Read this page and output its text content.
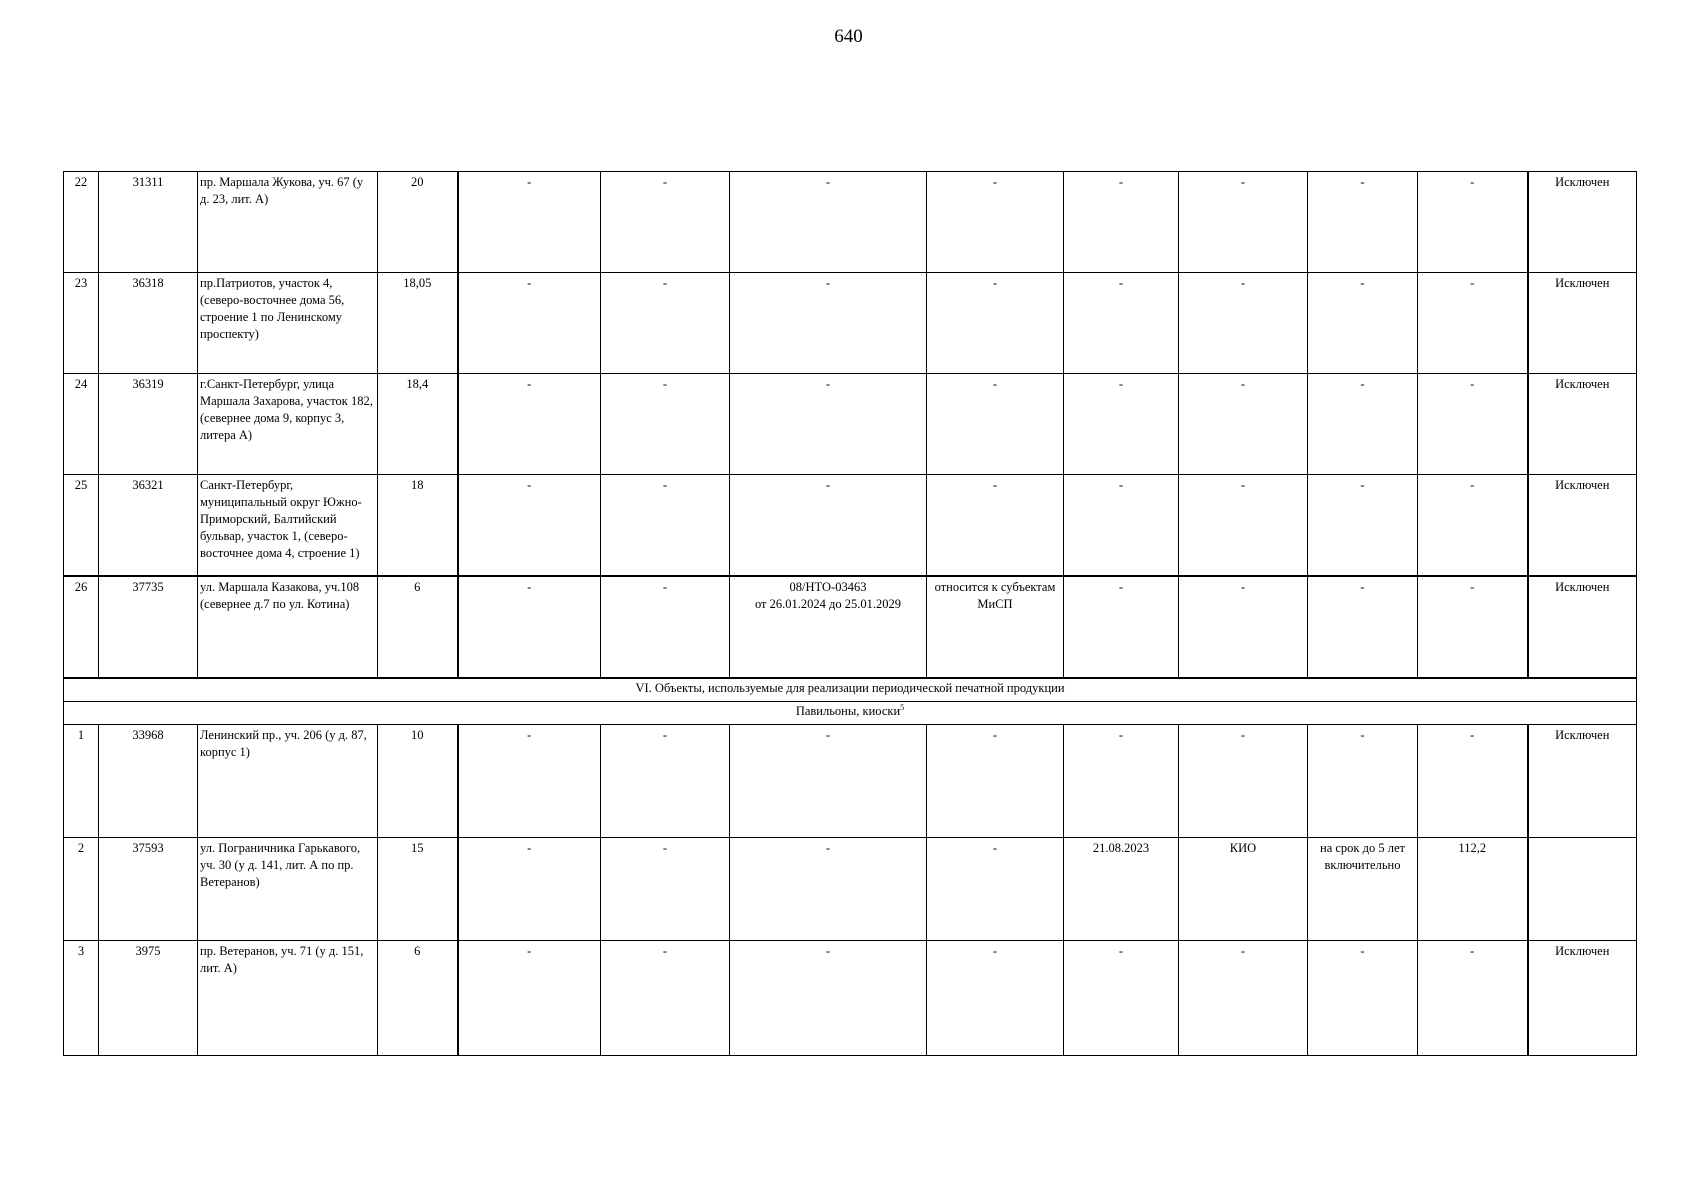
640
22	31311	пр. Маршала Жукова, уч. 67 (у д. 23, лит. А)	20	-	-	-	-	-	-	-	-	Исключен
23	36318	пр.Патриотов, участок 4, (северо-восточнее дома 56, строение 1 по Ленинскому проспекту)	18,05	-	-	-	-	-	-	-	-	Исключен
24	36319	г.Санкт-Петербург, улица Маршала Захарова, участок 182, (севернее дома 9, корпус 3, литера А)	18,4	-	-	-	-	-	-	-	-	Исключен
25	36321	Санкт-Петербург, муниципальный округ Южно-Приморский, Балтийский бульвар, участок 1, (северо-восточнее дома 4, строение 1)	18	-	-	-	-	-	-	-	-	Исключен
26	37735	ул. Маршала Казакова, уч.108 (севернее д.7 по ул. Котина)	6	-	-	08/НТО-03463
от 26.01.2024 до 25.01.2029	относится к субъектам МиСП	-	-	-	-	Исключен
VI. Объекты, используемые для реализации периодической печатной продукции												
Павильоны, киоски$^5$
1	33968	Ленинский пр., уч. 206 (у д. 87, корпус 1)	10	-	-	-	-	-	-	-	-	Исключен
2	37593	ул. Пограничника Гарькавого, уч. 30 (у д. 141, лит. А по пр. Ветеранов)	15	-	-	-	-	21.08.2023	КИО	на срок до 5 лет включительно	112,2	
3	3975	пр. Ветеранов, уч. 71 (у д. 151, лит. А)	6	-	-	-	-	-	-	-	-	Исключен
